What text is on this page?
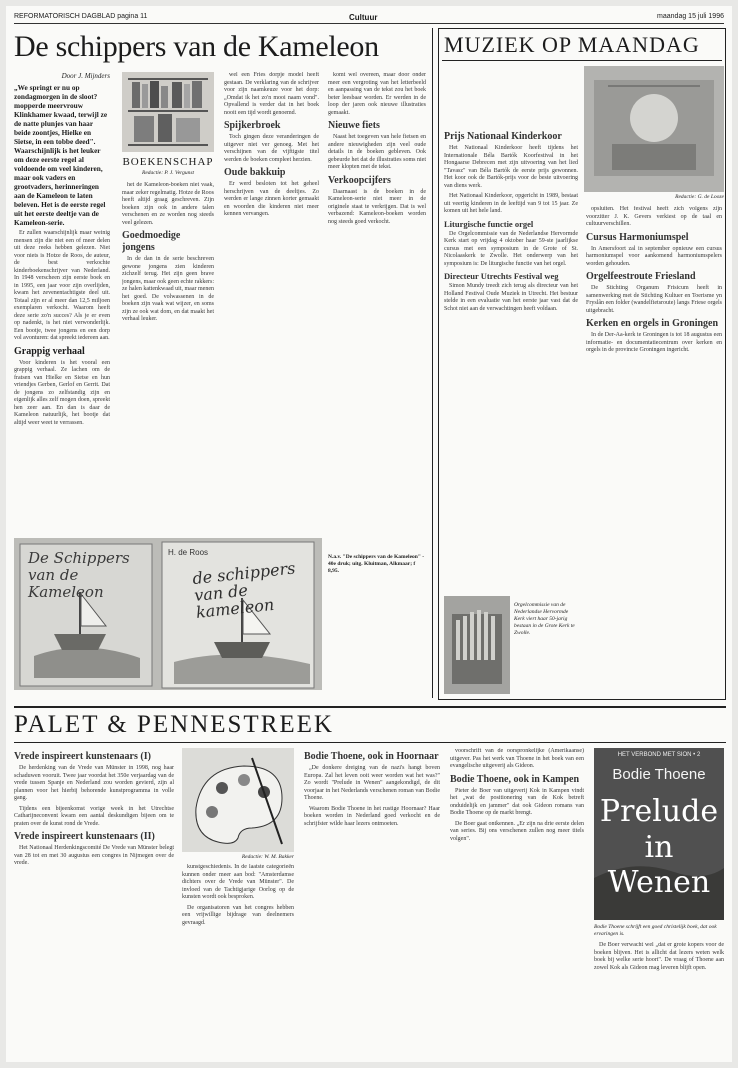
REFORMATORISCH DAGBLAD pagina 11	Cultuur	maandag 15 juli 1996
De schippers van de Kameleon
Door J. Mijnders
„We springt er nu op zondagmorgen in de sloot? mopperde meervrouw Klinkhamer kwaad, terwijl ze de natte plunjes van haar beide zoontjes, Hielke en Sietse, in een tobbe deed". Waarschijnlijk is het leuker om deze eerste regel al voldoende om veel kinderen, maar ook vaders en grootvaders, herinneringen aan de Kameleon te laten beleven. Het is de eerste regel uit het eerste deeltje van de Kameleon-serie.

Er zullen waarschijnlijk maar weinig mensen zijn die niet een of meer delen uit deze reeks hebben gelezen. Niet voor niets is Hotze de Roos, de auteur, de best verkochte kinderboekenschrijver van Nederland. In 1948 verscheen zijn eerste boek en in 1995, een jaar voor zijn overlijden, kwam het zevenentachtigste deel uit. Totaal zijn er al meer dan 12,5 miljoen exemplaren verkocht. Waarom heeft deze serie zo'n succes? Als je er even op nadenkt, is het niet verwonderlijk. Een bootje, twee jongens en een dorp vol avonturen: dat spreekt iedereen aan.

Grappig verhaal

Voor kinderen is het vooral een grappig verhaal. Ze lachen om de fratsen van Hielke en Sietse en hun vriendjes Gerben, Gerlof en Gerrit. Dat de jongens zo zelfstandig zijn en eigenlijk alles zelf mogen doen, spreekt hen zeer aan. En dan is daar de Kameleon natuurlijk, het bootje dat altijd weer weet te verrassen.

BOEKENSCHAP
Redactie: P. J. Vergunst

het de Kameleon-boeken niet vaak, maar zeker regelmatig. Hotze de Roos heeft altijd graag geschreven. Zijn boeken zijn ook in andere talen verschenen en ze worden nog steeds veel gelezen.

Goedmoedige jongens

In de dan in de serie beschreven gewone jongens zien kinderen zichzelf terug. Het zijn geen brave jongens, maar ook geen echte rakkers: ze halen kattenkwaad uit, maar menen het goed. De volwassenen in de boeken zijn vaak wat wijzer, en soms zijn ze ook wat dom, en dat maakt het verhaal leuker.

wel een Fries dorpje model heeft gestaan. De verklaring van de schrijver voor zijn naamkeuze voor het dorp: „Omdat ik het zo'n mooi naam vond". Opvallend is verder dat in het boek nooit een tijd wordt genoemd.

Spijkerbroek

Toch gingen deze veranderingen de uitgever niet ver genoeg. Met het verschijnen van de vijftigste titel werden de boeken compleet herzien.

Oude bakkuip

Er werd besloten tot het geheel herschrijven van de deeltjes. Zo werden er lange zinnen korter gemaakt en woorden die kinderen niet meer kennen vervangen.

komt wel overeen, maar door onder meer een vergroting van het letterbeeld en aanpassing van de tekst zou het boek beter leesbaar worden. Er werden in de loop der jaren ook nieuwe illustraties gemaakt.

Nieuwe fiets

Naast het toegeven van hele fietsen en andere nieuwigheden zijn veel oude details in de boeken gebleven. Ook gebeurde het dat de illustraties soms niet meer klopten met de tekst.

Verkoopcijfers

Daarnaast is de boeken in de Kameleon-serie niet meer in de originele staat te verkrijgen. Dat is wel verbazend: Kameleon-boeken worden nog steeds goed verkocht.

N.a.v. "De schippers van de Kameleon" - 40e druk; uitg. Kluitman, Alkmaar; f 8,95.
De Schippers van de Kameleon
H. de Roos
de schippers van de kameleon
MUZIEK OP MAANDAG
Redactie: G. de Looze
Prijs Nationaal Kinderkoor

Het Nationaal Kinderkoor heeft tijdens het Internationale Béla Bartók Koorfestival in het Hongaarse Debrecen met zijn uitvoering van het lied "Tavasz" van Béla Bartók de eerste prijs gewonnen. Het koor ook de Bartók-prijs voor de beste uitvoering van diens werk.

Het Nationaal Kinderkoor, opgericht in 1989, bestaat uit veertig kinderen in de leeftijd van 9 tot 15 jaar. Ze komen uit het hele land.

Liturgische functie orgel

De Orgelcommissie van de Nederlandse Hervormde Kerk start op vrijdag 4 oktober haar 59-ste jaarlijkse cursus met een symposium in de Grote of St. Nicolaaskerk te Zwolle. Het onderwerp van het symposium is: De liturgische functie van het orgel.

Directeur Utrechts Festival weg

Simon Mundy treedt zich terug als directeur van het Holland Festival Oude Muziek in Utrecht. Het bestuur stelde in een evaluatie van het eerste jaar vast dat de Schot niet aan de verwachtingen heeft voldaan.

Orgelcommissie van de Nederlandse Hervormde Kerk viert haar 50-jarig bestaan in de Grote Kerk te Zwolle.

opsluiten. Het festival heeft zich volgens zijn voorzitter J. K. Gevers verkiest op de taal en cultuurverschillen.

Cursus Harmoniumspel

In Amersfoort zal in september opnieuw een cursus harmoniumspel voor aankomend harmoniumspelers worden gehouden.

Orgelfeestroute Friesland

De Stichting Organum Frisicum heeft in samenwerking met de Stichting Kultuer en Toerisme yn Fryslân een folder (wandelfietsroute) langs Friese orgels uitgebracht.

Kerken en orgels in Groningen

In de Der-Aa-kerk te Groningen is tot 18 augustus een informatie- en documentatiecentrum over kerken en orgels in de provincie Groningen ingericht.

PALET & PENNESTREEK
Vrede inspireert kunstenaars (I)

De herdenking van de Vrede van Münster in 1998, nog haar schaduwen vooruit. Twee jaar voordat het 350e verjaardag van de vrede tussen Spanje en Nederland zou worden gevierd, zijn al plannen voor het hierbij behorende kunstprogramma in volle gang.

Tijdens een bijeenkomst vorige week in het Utrechtse Catharijneconvent kwam een aantal deskundigen bijeen om te praten over de kunst rond de Vrede.

Vrede inspireert kunstenaars (II)

Het Nationaal Herdenkingscomité De Vrede van Münster belegt van 28 tot en met 30 augustus een congres in Nijmegen over de vrede.

Redactie: W. M. Bakker

kunstgeschiedenis. In de laatste categorieën kunnen onder meer aan bod: "Amsterdamse dichters over de Vrede van Münster". De invloed van de Tachtigjarige Oorlog op de kunsten wordt ook besproken.

De organisatoren van het congres hebben een vrijwillige bijdrage van deelnemers gevraagd.

Bodie Thoene, ook in Hoornaar

„De donkere dreiging van de nazi's hangt boven Europa. Zal het leven ooit weer worden wat het was?" Zo wordt "Prelude in Wenen" aangekondigd, de dit voorjaar in het Nederlands verschenen roman van Bodie Thoene.

Waarom Bodie Thoene in het rustige Hoornaar? Haar boeken worden in Nederland goed verkocht en de schrijfster wilde haar lezers ontmoeten.

voorschrift van de oorspronkelijke (Amerikaanse) uitgever. Pas het werk van Thoene in het boek van een evangelische uitgeverij als Gideon.

Bodie Thoene, ook in Kampen

Pieter de Boer van uitgeverij Kok in Kampen vindt het „wat de positionering van de Kok betreft onduidelijk en jammer" dat ook Gideon romans van Bodie Thoene op de markt brengt.

De Boer gaat ontkennen. „Er zijn na drie eerste delen van series. Bij ons verschenen zullen nog meer titels volgen".

HET VERBOND MET SION • 2
Bodie Thoene
Prelude
in Wenen
Bodie Thoene schrijft een goed christelijk boek, dat ook ervaringen is.

De Boer verwacht wel „dat er grote kopers voor de boeken blijven. Het is allicht dat lezers weten welk boek bij welke serie hoort". De vraag of Thoene aan zowel Kok als Gideon mag leveren blijft open.
